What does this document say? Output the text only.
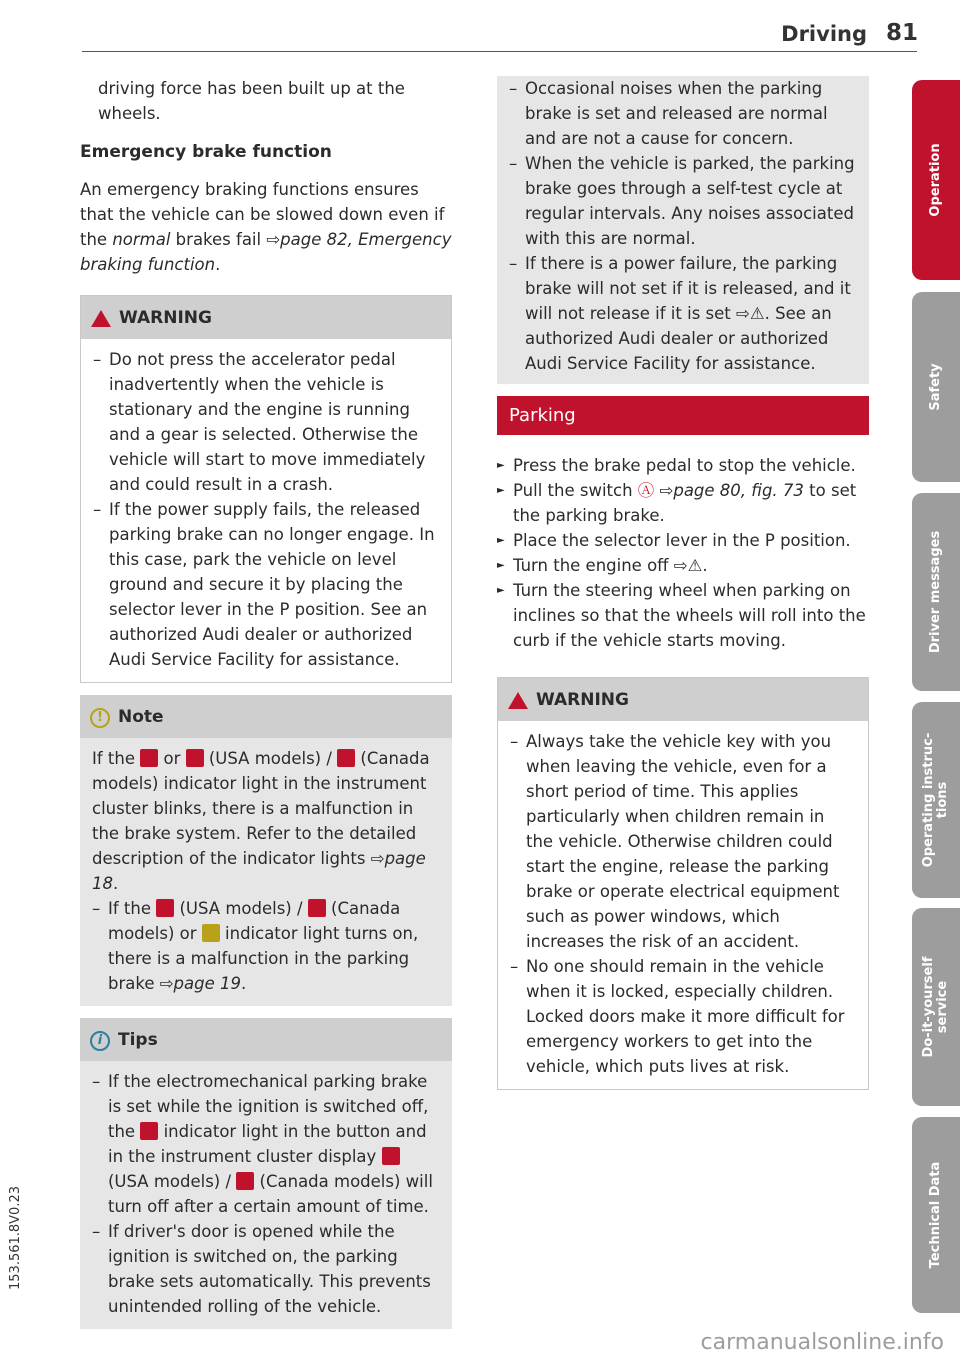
Driving 81

driving force has been built up at the wheels.

Emergency brake function

An emergency braking functions ensures that the vehicle can be slowed down even if the normal brakes fail ⇨page 82, Emergency braking function.

WARNING
– Do not press the accelerator pedal inadvertently when the vehicle is stationary and the engine is running and a gear is selected. Otherwise the vehicle will start to move immediately and could result in a crash.
– If the power supply fails, the released parking brake can no longer engage. In this case, park the vehicle on level ground and secure it by placing the selector lever in the P position. See an authorized Audi dealer or authorized Audi Service Facility for assistance.
! Note

If the  or  (USA models) /  (Canada models) indicator light in the instrument cluster blinks, there is a malfunction in the brake system. Refer to the detailed description of the indicator lights ⇨page 18.

– If the  (USA models) /  (Canada models) or  indicator light turns on, there is a malfunction in the parking brake ⇨page 19.
i Tips
– If the electromechanical parking brake is set while the ignition is switched off, the  indicator light in the button and in the instrument cluster display  (USA models) /  (Canada models) will turn off after a certain amount of time.
– If driver's door is opened while the ignition is switched on, the parking brake sets automatically. This prevents unintended rolling of the vehicle.
– Occasional noises when the parking brake is set and released are normal and are not a cause for concern.
– When the vehicle is parked, the parking brake goes through a self-test cycle at regular intervals. Any noises associated with this are normal.
– If there is a power failure, the parking brake will not set if it is released, and it will not release if it is set ⇨⚠. See an authorized Audi dealer or authorized Audi Service Facility for assistance.
Parking
► Press the brake pedal to stop the vehicle.
► Pull the switch Ⓐ ⇨page 80, fig. 73 to set the parking brake.
► Place the selector lever in the P position.
► Turn the engine off ⇨⚠.
► Turn the steering wheel when parking on inclines so that the wheels will roll into the curb if the vehicle starts moving.
WARNING
– Always take the vehicle key with you when leaving the vehicle, even for a short period of time. This applies particularly when children remain in the vehicle. Otherwise children could start the engine, release the parking brake or operate electrical equipment such as power windows, which increases the risk of an accident.
– No one should remain in the vehicle when it is locked, especially children. Locked doors make it more difficult for emergency workers to get into the vehicle, which puts lives at risk.
Operation
Safety
Driver messages
Operating instruc-
tions
Do-it-yourself
service
Technical Data
153.561.8V0.23
carmanualsonline.info
